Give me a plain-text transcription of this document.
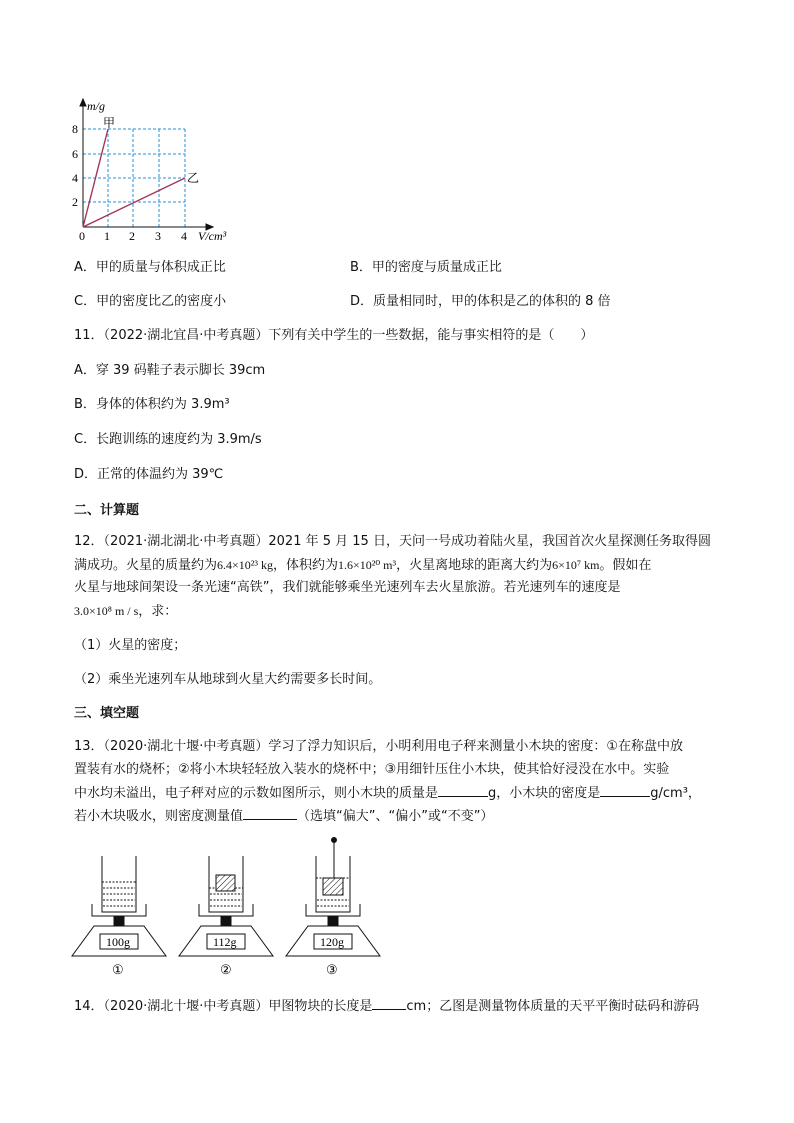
m/g
甲
乙
8
6
4
2
0 1 2 3 4 V/cm³
A．甲的质量与体积成正比	B．甲的密度与质量成正比
C．甲的密度比乙的密度小	D．质量相同时，甲的体积是乙的体积的 8 倍
11．（2022·湖北宜昌·中考真题）下列有关中学生的一些数据，能与事实相符的是（　　）
A．穿 39 码鞋子表示脚长 39cm
B．身体的体积约为 3.9m³
C．长跑训练的速度约为 3.9m/s
D．正常的体温约为 39℃
二、计算题
12．（2021·湖北湖北·中考真题）2021 年 5 月 15 日，天问一号成功着陆火星，我国首次火星探测任务取得圆
满成功。火星的质量约为6.4×10²³ kg，体积约为1.6×10²⁰ m³，火星离地球的距离大约为6×10⁷ km。假如在
火星与地球间架设一条光速“高铁”，我们就能够乘坐光速列车去火星旅游。若光速列车的速度是
3.0×10⁸ m / s，求：
（1）火星的密度；
（2）乘坐光速列车从地球到火星大约需要多长时间。
三、填空题
13．（2020·湖北十堰·中考真题）学习了浮力知识后，小明利用电子秤来测量小木块的密度：①在称盘中放
置装有水的烧杯；②将小木块轻轻放入装水的烧杯中；③用细针压住小木块，使其恰好浸没在水中。实验
中水均未溢出，电子秤对应的示数如图所示，则小木块的质量是	g，小木块的密度是	g/cm³，
若小木块吸水，则密度测量值	（选填“偏大”、“偏小”或“不变”）
100g	112g	120g
①	②	③
14．（2020·湖北十堰·中考真题）甲图物块的长度是	cm；乙图是测量物体质量的天平平衡时砝码和游码
